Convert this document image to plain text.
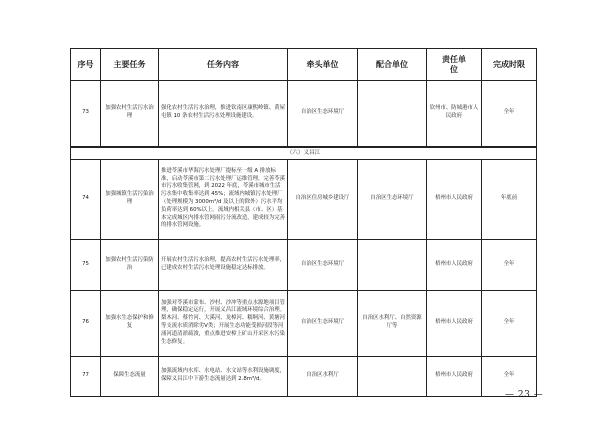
序号	主要任务	任务内容	牵头单位	配合单位	责任单位	完成时限
73	加强农村生活污水治理	强化农村生活污水治理，推进钦南区康熙岭镇、黄屋屯镇 10 条农村生活污水处理设施建设。	自治区生态环境厅		钦州市、防城港市人民政府	全年
（六）义昌江						
74	加强城镇生活污染治理	推进苓溪市华海污水处理厂提标至一级 A 排放标准，启动苓溪市第二污水处理厂运维管理，完善苓溪市污水收集管网，到 2022 年底，苓溪市城市生活污水集中收集率达到 45%；流域内城镇污水处理厂（处理规模为 3000m³/d 及以上的除外）污水平均负荷率达到 60%以上。流域内相关县（市、区）基本完成城区内排水管网雨污分流改造，建成较为完善的排水管网设施。	自治区住房城乡建设厅	自治区生态环境厅	梧州市人民政府	年底前
75	加强农村生活污染防治	开展农村生活污水治理，提高农村生活污水处理率，已建成农村生活污水处理设施稳定达标排放。	自治区生态环境厅		梧州市人民政府	全年
76	加强水生态保护和修复	加强对苓溪市蒙布、沙村、沙冲等重点水源地项目管理，确保稳定运行，开展义昌江流域环境综合治理。梨木河、蔡竹河、大溪河、龙樟河、糯垌河、黄塘河等支流水质消除劣Ⅴ类；开展生态功能受损河段等河涌河道清淤疏浚，重点推进安樟上矿山开采区水污染生态修复。	自治区生态环境厅	自治区水利厅、自然资源厅等	梧州市人民政府	全年
77	保障生态流量	加强流域内水库、水电站、水文站等水利设施调度，保障义昌江中下游生态流量达到 2.8m³/d。	自治区水利厅		梧州市人民政府	全年
— 23 —
